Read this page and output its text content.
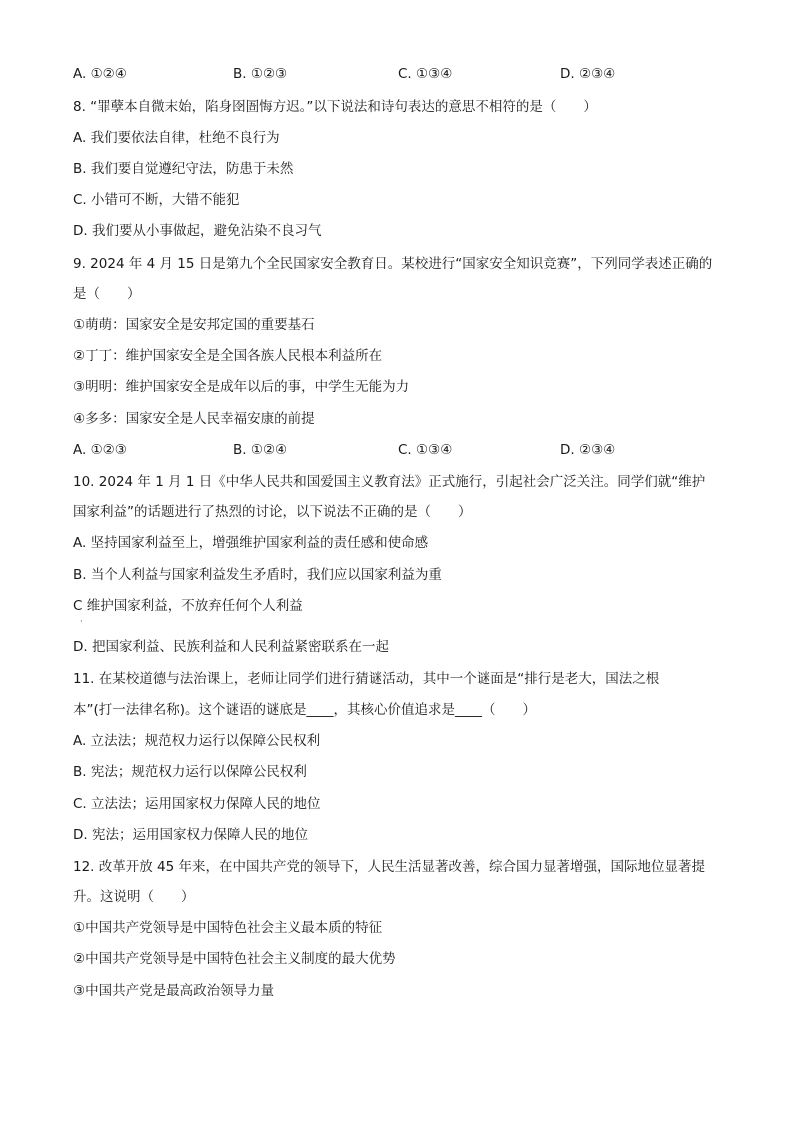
A. ①②④	B. ①②③	C. ①③④	D. ②③④
8. “罪孽本自微末始，陷身囹圄悔方迟。”以下说法和诗句表达的意思不相符的是（　　）
A. 我们要依法自律，杜绝不良行为
B. 我们要自觉遵纪守法，防患于未然
C. 小错可不断，大错不能犯
D. 我们要从小事做起，避免沾染不良习气
9. 2024 年 4 月 15 日是第九个全民国家安全教育日。某校进行“国家安全知识竞赛”，下列同学表述正确的
是（　　）
①萌萌：国家安全是安邦定国的重要基石
②丁丁：维护国家安全是全国各族人民根本利益所在
③明明：维护国家安全是成年以后的事，中学生无能为力
④多多：国家安全是人民幸福安康的前提
A. ①②③	B. ①②④	C. ①③④	D. ②③④
10. 2024 年 1 月 1 日《中华人民共和国爱国主义教育法》正式施行，引起社会广泛关注。同学们就“维护
国家利益”的话题进行了热烈的讨论，以下说法不正确的是（　　）
A. 坚持国家利益至上，增强维护国家利益的责任感和使命感
B. 当个人利益与国家利益发生矛盾时，我们应以国家利益为重
C 维护国家利益，不放弃任何个人利益
·
D. 把国家利益、民族利益和人民利益紧密联系在一起
11. 在某校道德与法治课上，老师让同学们进行猜谜活动，其中一个谜面是“排行是老大，国法之根
本”(打一法律名称)。这个谜语的谜底是____，其核心价值追求是____（　　）
A. 立法法；规范权力运行以保障公民权利
B. 宪法；规范权力运行以保障公民权利
C. 立法法；运用国家权力保障人民的地位
D. 宪法；运用国家权力保障人民的地位
12. 改革开放 45 年来，在中国共产党的领导下，人民生活显著改善，综合国力显著增强，国际地位显著提
升。这说明（　　）
①中国共产党领导是中国特色社会主义最本质的特征
②中国共产党领导是中国特色社会主义制度的最大优势
③中国共产党是最高政治领导力量
